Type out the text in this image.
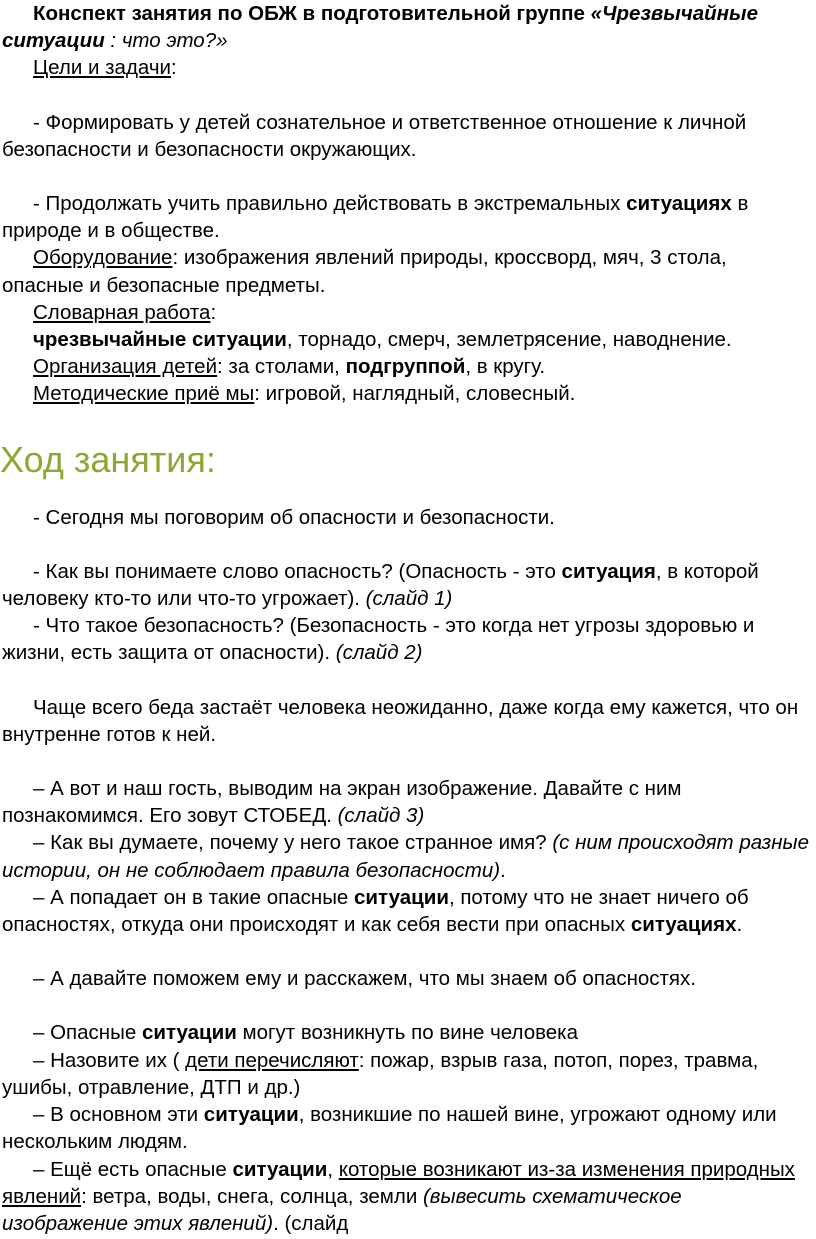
Конспект занятия по ОБЖ в подготовительной группе «Чрезвычайные ситуации : что это?»

Цели и задачи:

- Формировать у детей сознательное и ответственное отношение к личной безопасности и безопасности окружающих.

- Продолжать учить правильно действовать в экстремальных ситуациях в природе и в обществе.

Оборудование: изображения явлений природы, кроссворд, мяч, 3 стола, опасные и безопасные предметы.

Словарная работа:

чрезвычайные ситуации, торнадо, смерч, землетрясение, наводнение.

Организация детей: за столами, подгруппой, в кругу.

Методические приё мы: игровой, наглядный, словесный.

Ход занятия:

- Сегодня мы поговорим об опасности и безопасности.

- Как вы понимаете слово опасность? (Опасность - это ситуация, в которой человеку кто-то или что-то угрожает). (слайд 1)

- Что такое безопасность? (Безопасность - это когда нет угрозы здоровью и жизни, есть защита от опасности). (слайд 2)

Чаще всего беда застаёт человека неожиданно, даже когда ему кажется, что он внутренне готов к ней.

– А вот и наш гость, выводим на экран изображение. Давайте с ним познакомимся. Его зовут СТОБЕД. (слайд 3)

– Как вы думаете, почему у него такое странное имя? (с ним происходят разные истории, он не соблюдает правила безопасности).

– А попадает он в такие опасные ситуации, потому что не знает ничего об опасностях, откуда они происходят и как себя вести при опасных ситуациях.

– А давайте поможем ему и расскажем, что мы знаем об опасностях.

– Опасные ситуации могут возникнуть по вине человека

– Назовите их ( дети перечисляют: пожар, взрыв газа, потоп, порез, травма, ушибы, отравление, ДТП и др.)

– В основном эти ситуации, возникшие по нашей вине, угрожают одному или нескольким людям.

– Ещё есть опасные ситуации, которые возникают из-за изменения природных явлений: ветра, воды, снега, солнца, земли (вывесить схематическое изображение этих явлений). (слайд
